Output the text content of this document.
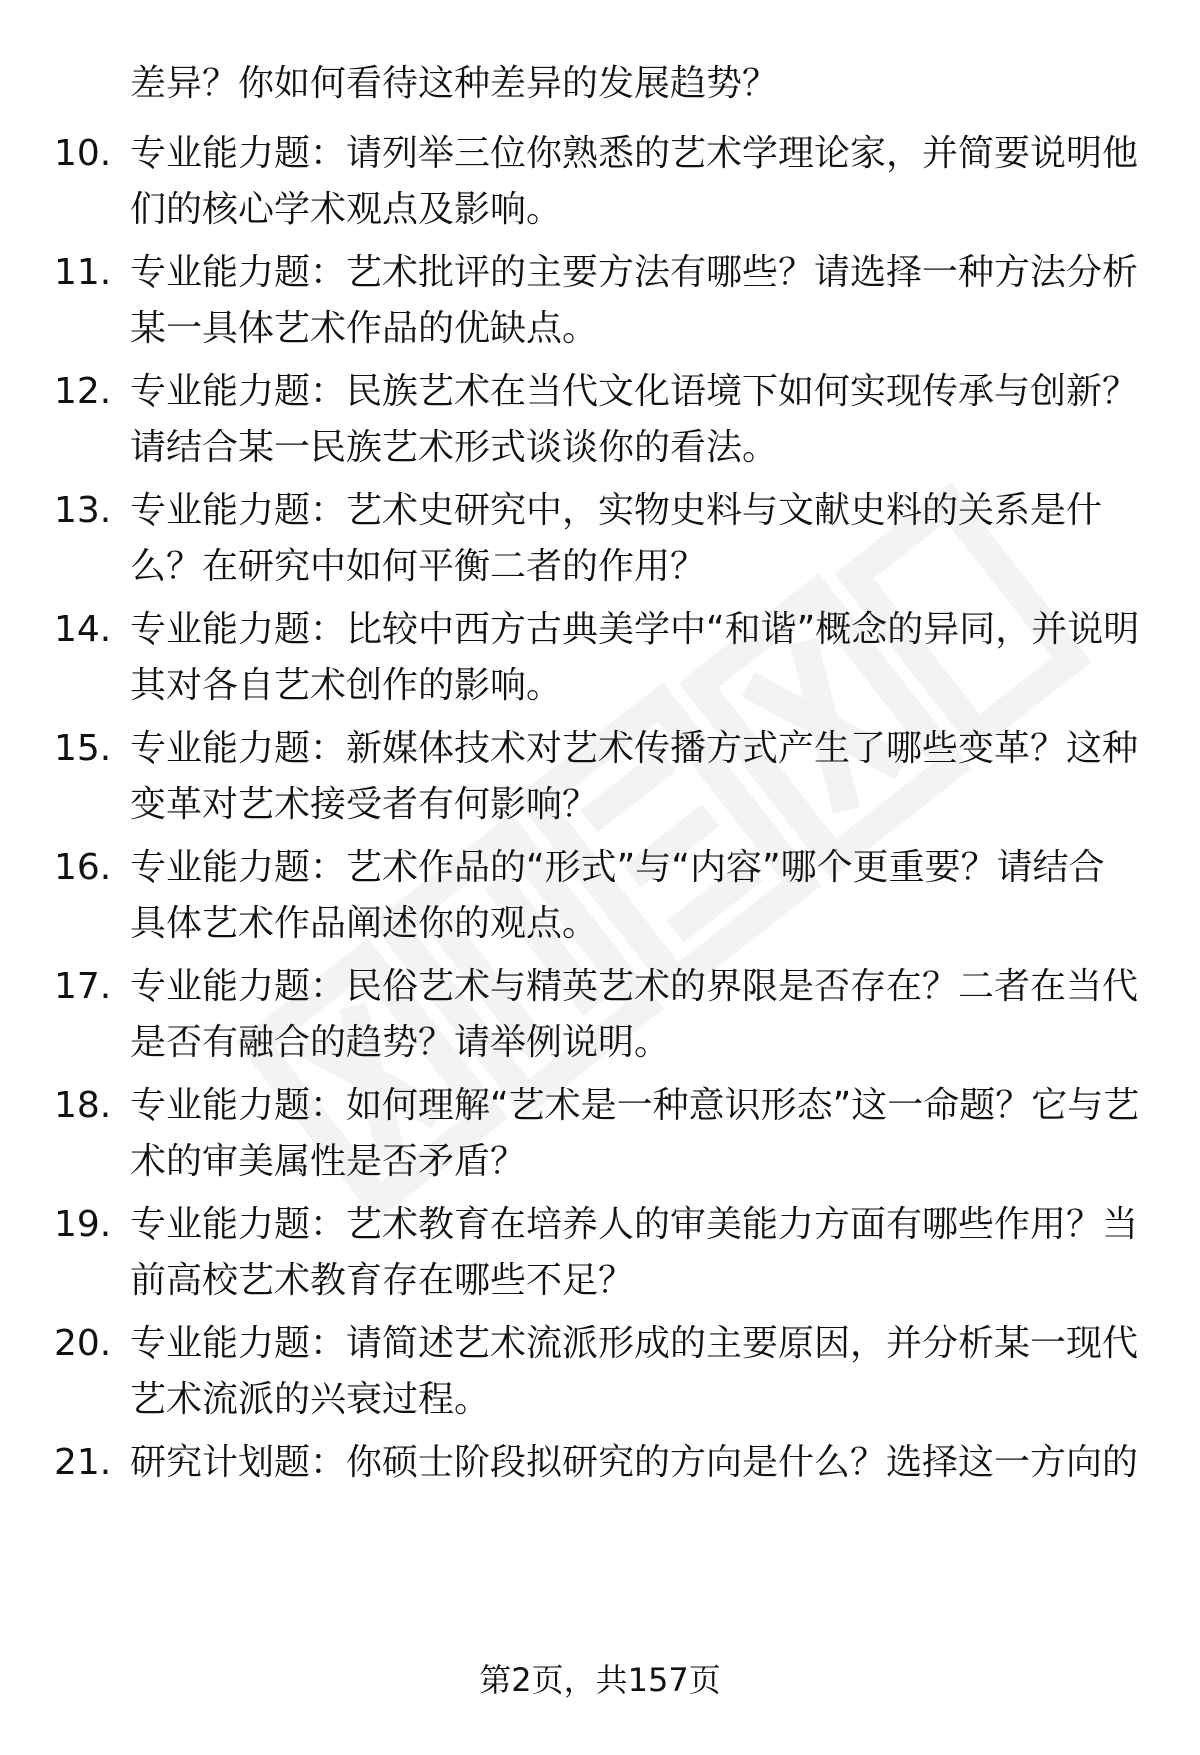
差异？你如何看待这种差异的发展趋势？
10. 专业能力题：请列举三位你熟悉的艺术学理论家，并简要说明他们的核心学术观点及影响。
11. 专业能力题：艺术批评的主要方法有哪些？请选择一种方法分析某一具体艺术作品的优缺点。
12. 专业能力题：民族艺术在当代文化语境下如何实现传承与创新？请结合某一民族艺术形式谈谈你的看法。
13. 专业能力题：艺术史研究中，实物史料与文献史料的关系是什么？在研究中如何平衡二者的作用？
14. 专业能力题：比较中西方古典美学中“和谐”概念的异同，并说明其对各自艺术创作的影响。
15. 专业能力题：新媒体技术对艺术传播方式产生了哪些变革？这种变革对艺术接受者有何影响？
16. 专业能力题：艺术作品的“形式”与“内容”哪个更重要？请结合具体艺术作品阐述你的观点。
17. 专业能力题：民俗艺术与精英艺术的界限是否存在？二者在当代是否有融合的趋势？请举例说明。
18. 专业能力题：如何理解“艺术是一种意识形态”这一命题？它与艺术的审美属性是否矛盾？
19. 专业能力题：艺术教育在培养人的审美能力方面有哪些作用？当前高校艺术教育存在哪些不足？
20. 专业能力题：请简述艺术流派形成的主要原因，并分析某一现代艺术流派的兴衰过程。
21. 研究计划题：你硕士阶段拟研究的方向是什么？选择这一方向的
第2页，共157页
